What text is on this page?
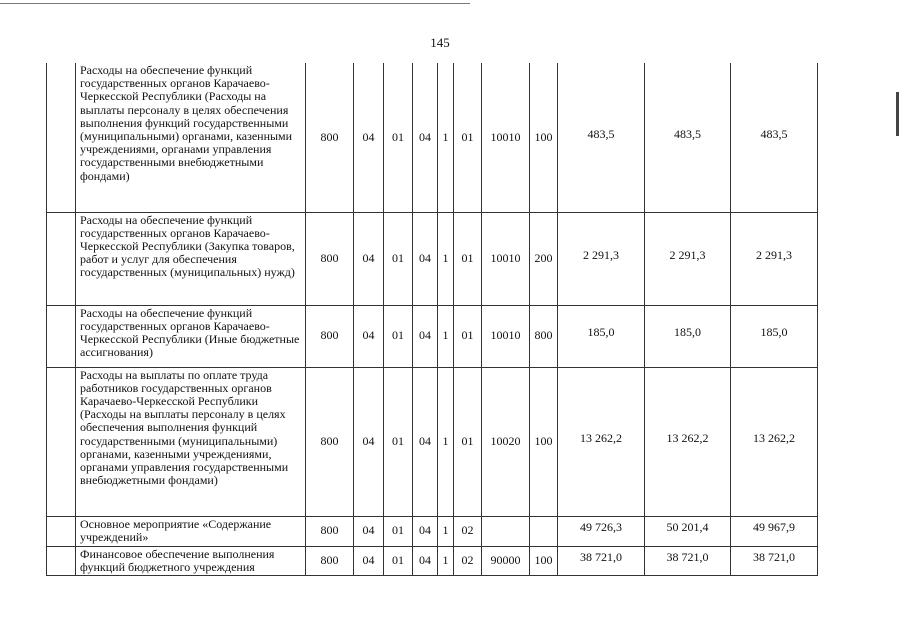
145
	Расходы на обеспечение функций государственных органов Карачаево-Черкесской Республики (Расходы на выплаты персоналу в целях обеспечения выполнения функций государственными (муниципальными) органами, казенными учреждениями, органами управления государственными внебюджетными фондами)	800	04	01	04	1	01	10010	100	483,5	483,5	483,5
	Расходы на обеспечение функций государственных органов Карачаево-Черкесской Республики (Закупка товаров, работ и услуг для обеспечения государственных (муниципальных) нужд)	800	04	01	04	1	01	10010	200	2 291,3	2 291,3	2 291,3
	Расходы на обеспечение функций государственных органов Карачаево-Черкесской Республики (Иные бюджетные ассигнования)	800	04	01	04	1	01	10010	800	185,0	185,0	185,0
	Расходы на выплаты по оплате труда работников государственных органов Карачаево-Черкесской Республики (Расходы на выплаты персоналу в целях обеспечения выполнения функций государственными (муниципальными) органами, казенными учреждениями, органами управления государственными внебюджетными фондами)	800	04	01	04	1	01	10020	100	13 262,2	13 262,2	13 262,2
	Основное мероприятие «Содержание учреждений»	800	04	01	04	1	02			49 726,3	50 201,4	49 967,9
	Финансовое обеспечение выполнения функций бюджетного учреждения	800	04	01	04	1	02	90000	100	38 721,0	38 721,0	38 721,0
